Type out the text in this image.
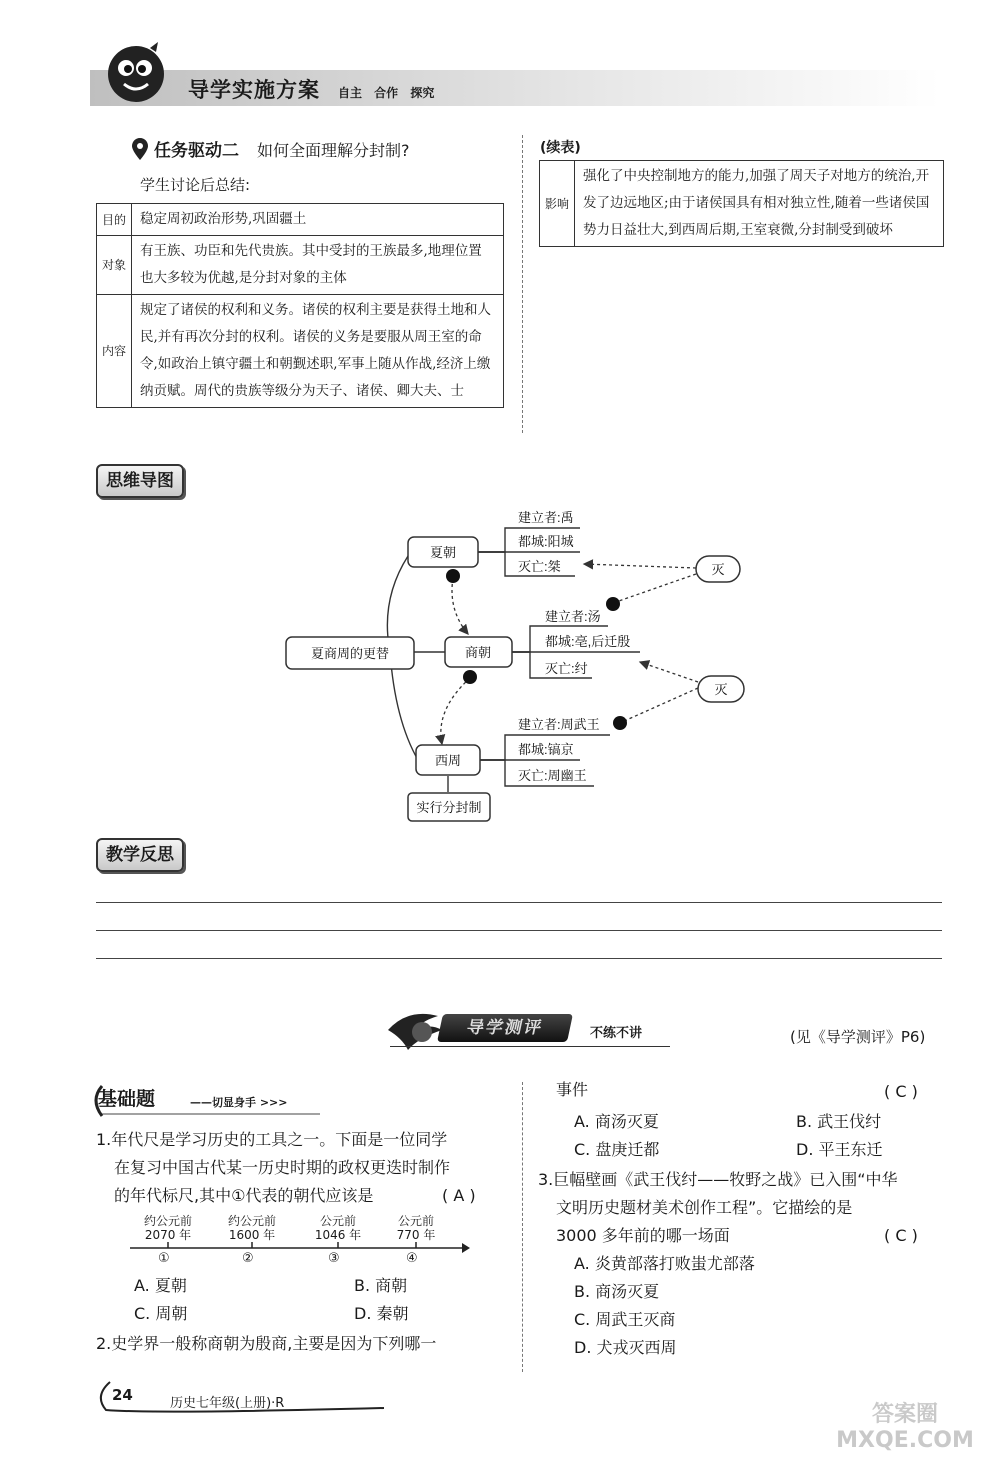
导学实施方案 自主 合作 探究
任务驱动二 如何全面理解分封制?
学生讨论后总结:
目的	稳定周初政治形势,巩固疆土
对象	有王族、功臣和先代贵族。其中受封的王族最多,地理位置也大多较为优越,是分封对象的主体
内容	规定了诸侯的权利和义务。诸侯的权利主要是获得土地和人民,并有再次分封的权利。诸侯的义务是要服从周王室的命令,如政治上镇守疆土和朝觐述职,军事上随从作战,经济上缴纳贡赋。周代的贵族等级分为天子、诸侯、卿大夫、士
(续表)
影响	强化了中央控制地方的能力,加强了周天子对地方的统治,开发了边远地区;由于诸侯国具有相对独立性,随着一些诸侯国势力日益壮大,到西周后期,王室衰微,分封制受到破坏
思维导图
夏商周的更替
夏朝
商朝
西周
实行分封制
灭
灭
建立者:禹
都城:阳城
灭亡:桀
建立者:汤
都城:亳,后迁殷
灭亡:纣
建立者:周武王
都城:镐京
灭亡:周幽王
教学反思
导学测评	不练不讲	(见《导学测评》P6)
基础题	——切显身手 >>>
1.年代尺是学习历史的工具之一。下面是一位同学
在复习中国古代某一历史时期的政权更迭时制作
的年代标尺,其中①代表的朝代应该是	( A )
约公元前
2070 年
约公元前
1600 年
公元前
1046 年
公元前
770 年
①	②	③	④
A. 夏朝	B. 商朝
C. 周朝	D. 秦朝
2.史学界一般称商朝为殷商,主要是因为下列哪一
事件	( C )
A. 商汤灭夏	B. 武王伐纣
C. 盘庚迁都	D. 平王东迁
3.巨幅壁画《武王伐纣——牧野之战》已入围“中华
文明历史题材美术创作工程”。它描绘的是
3000 多年前的哪一场面	( C )
A. 炎黄部落打败蚩尤部落
B. 商汤灭夏
C. 周武王灭商
D. 犬戎灭西周
24	历史七年级(上册)·R	答案圈 MXQE.COM
